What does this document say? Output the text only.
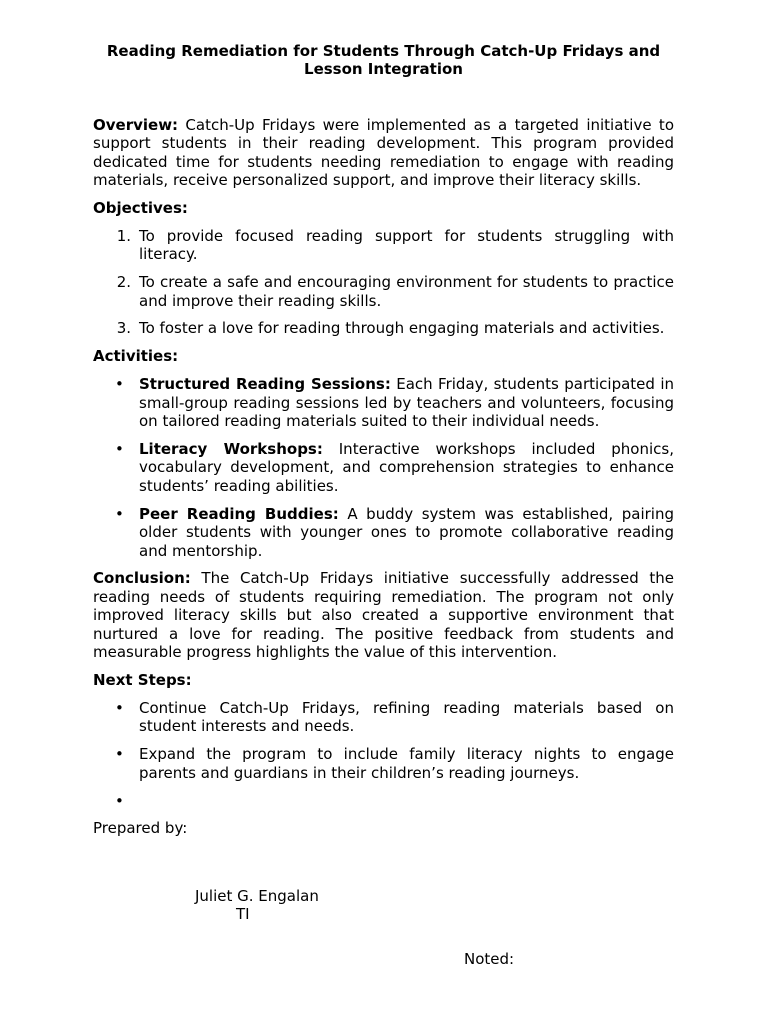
Reading Remediation for Students Through Catch-Up Fridays and Lesson Integration

Overview: Catch-Up Fridays were implemented as a targeted initiative to support students in their reading development. This program provided dedicated time for students needing remediation to engage with reading materials, receive personalized support, and improve their literacy skills.

Objectives:

1. To provide focused reading support for students struggling with literacy.
2. To create a safe and encouraging environment for students to practice and improve their reading skills.
3. To foster a love for reading through engaging materials and activities.

Activities:

• Structured Reading Sessions: Each Friday, students participated in small-group reading sessions led by teachers and volunteers, focusing on tailored reading materials suited to their individual needs.
• Literacy Workshops: Interactive workshops included phonics, vocabulary development, and comprehension strategies to enhance students’ reading abilities.
• Peer Reading Buddies: A buddy system was established, pairing older students with younger ones to promote collaborative reading and mentorship.

Conclusion: The Catch-Up Fridays initiative successfully addressed the reading needs of students requiring remediation. The program not only improved literacy skills but also created a supportive environment that nurtured a love for reading. The positive feedback from students and measurable progress highlights the value of this intervention.

Next Steps:

• Continue Catch-Up Fridays, refining reading materials based on student interests and needs.
• Expand the program to include family literacy nights to engage parents and guardians in their children’s reading journeys.
•

Prepared by:

Juliet G. Engalan
TI
Noted:
